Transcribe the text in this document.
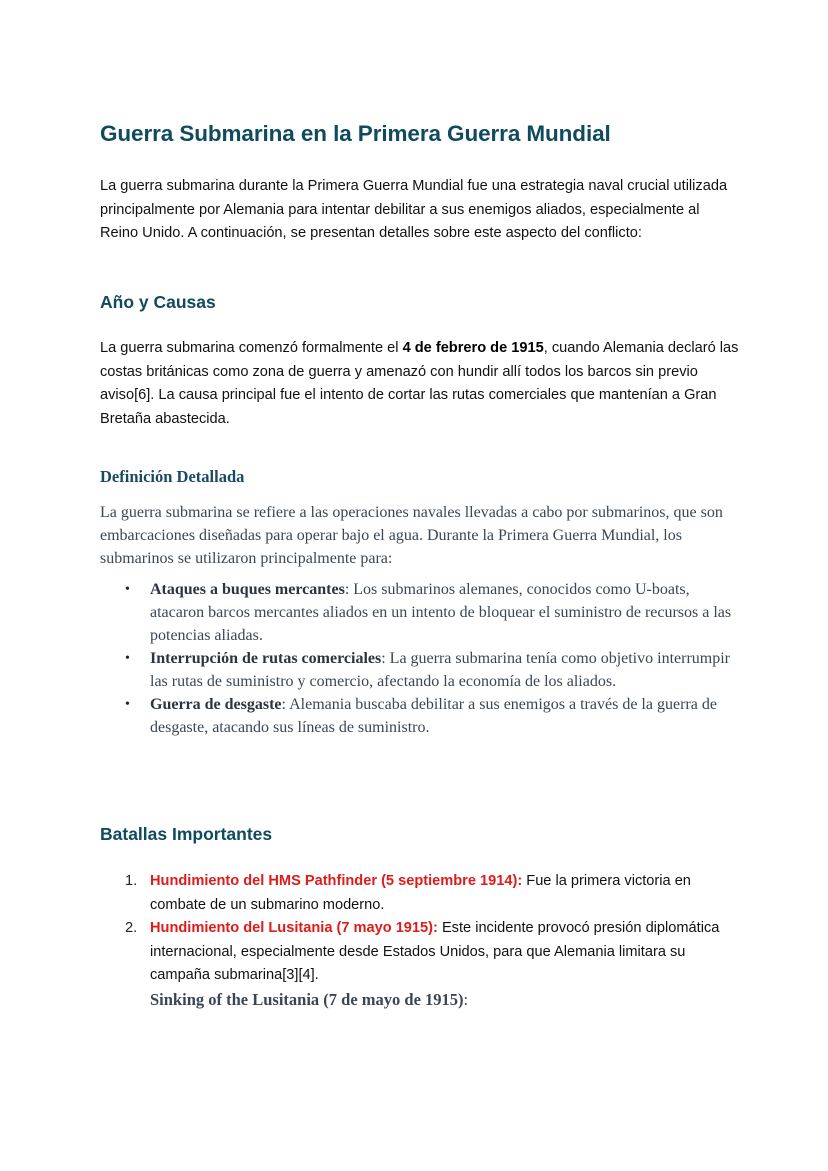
Guerra Submarina en la Primera Guerra Mundial

La guerra submarina durante la Primera Guerra Mundial fue una estrategia naval crucial utilizada principalmente por Alemania para intentar debilitar a sus enemigos aliados, especialmente al Reino Unido. A continuación, se presentan detalles sobre este aspecto del conflicto:

Año y Causas

La guerra submarina comenzó formalmente el 4 de febrero de 1915, cuando Alemania declaró las costas británicas como zona de guerra y amenazó con hundir allí todos los barcos sin previo aviso[6]. La causa principal fue el intento de cortar las rutas comerciales que mantenían a Gran Bretaña abastecida.

Definición Detallada

La guerra submarina se refiere a las operaciones navales llevadas a cabo por submarinos, que son embarcaciones diseñadas para operar bajo el agua. Durante la Primera Guerra Mundial, los submarinos se utilizaron principalmente para:

• Ataques a buques mercantes: Los submarinos alemanes, conocidos como U-boats, atacaron barcos mercantes aliados en un intento de bloquear el suministro de recursos a las potencias aliadas.
• Interrupción de rutas comerciales: La guerra submarina tenía como objetivo interrumpir las rutas de suministro y comercio, afectando la economía de los aliados.
• Guerra de desgaste: Alemania buscaba debilitar a sus enemigos a través de la guerra de desgaste, atacando sus líneas de suministro.
Batallas Importantes
1. Hundimiento del HMS Pathfinder (5 septiembre 1914): Fue la primera victoria en combate de un submarino moderno.
2. Hundimiento del Lusitania (7 mayo 1915): Este incidente provocó presión diplomática internacional, especialmente desde Estados Unidos, para que Alemania limitara su campaña submarina[3][4].
Sinking of the Lusitania (7 de mayo de 1915):
